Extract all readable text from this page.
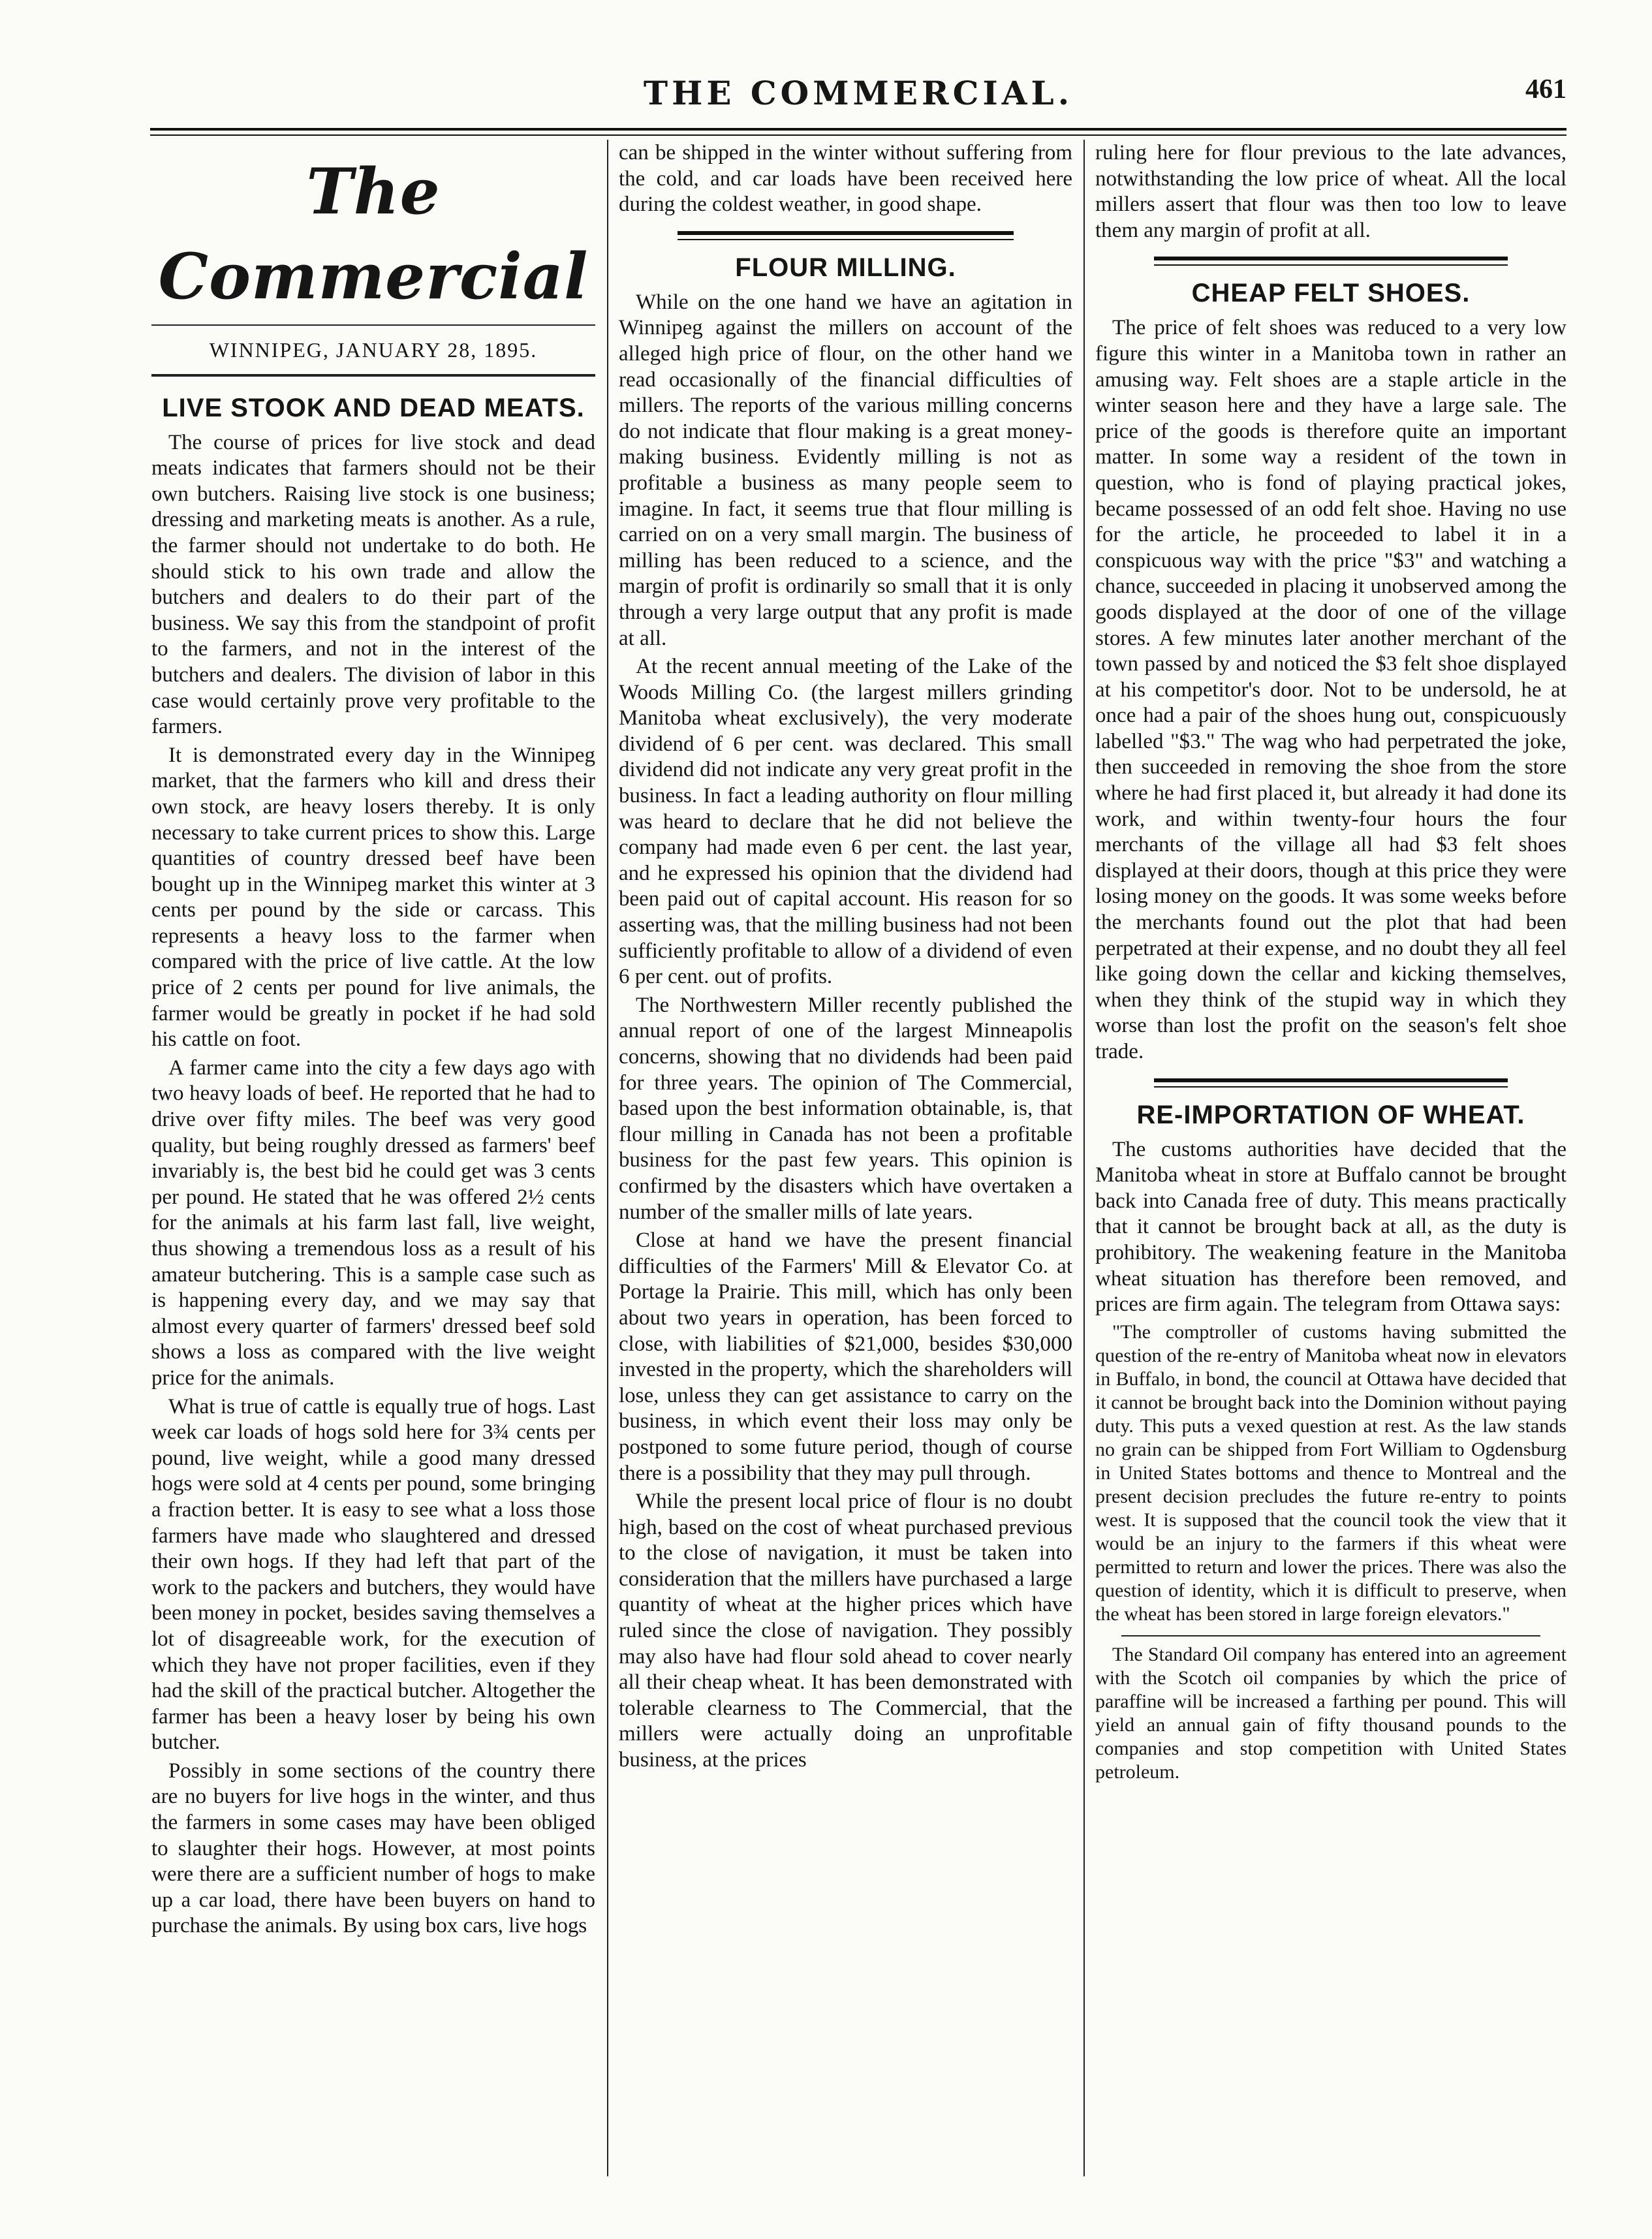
THE COMMERCIAL.	461
The Commercial
WINNIPEG, JANUARY 28, 1895.
LIVE STOOK AND DEAD MEATS.

The course of prices for live stock and dead meats indicates that farmers should not be their own butchers. Raising live stock is one business; dressing and marketing meats is another. As a rule, the farmer should not undertake to do both. He should stick to his own trade and allow the butchers and dealers to do their part of the business. We say this from the standpoint of profit to the farmers, and not in the interest of the butchers and dealers. The division of labor in this case would certainly prove very profitable to the farmers.

It is demonstrated every day in the Winnipeg market, that the farmers who kill and dress their own stock, are heavy losers thereby. It is only necessary to take current prices to show this. Large quantities of country dressed beef have been bought up in the Winnipeg market this winter at 3 cents per pound by the side or carcass. This represents a heavy loss to the farmer when compared with the price of live cattle. At the low price of 2 cents per pound for live animals, the farmer would be greatly in pocket if he had sold his cattle on foot.

A farmer came into the city a few days ago with two heavy loads of beef. He reported that he had to drive over fifty miles. The beef was very good quality, but being roughly dressed as farmers' beef invariably is, the best bid he could get was 3 cents per pound. He stated that he was offered 2½ cents for the animals at his farm last fall, live weight, thus showing a tremendous loss as a result of his amateur butchering. This is a sample case such as is happening every day, and we may say that almost every quarter of farmers' dressed beef sold shows a loss as compared with the live weight price for the animals.

What is true of cattle is equally true of hogs. Last week car loads of hogs sold here for 3¾ cents per pound, live weight, while a good many dressed hogs were sold at 4 cents per pound, some bringing a fraction better. It is easy to see what a loss those farmers have made who slaughtered and dressed their own hogs. If they had left that part of the work to the packers and butchers, they would have been money in pocket, besides saving themselves a lot of disagreeable work, for the execution of which they have not proper facilities, even if they had the skill of the practical butcher. Altogether the farmer has been a heavy loser by being his own butcher.

Possibly in some sections of the country there are no buyers for live hogs in the winter, and thus the farmers in some cases may have been obliged to slaughter their hogs. However, at most points were there are a sufficient number of hogs to make up a car load, there have been buyers on hand to purchase the animals. By using box cars, live hogs

can be shipped in the winter without suffering from the cold, and car loads have been received here during the coldest weather, in good shape.

FLOUR MILLING.

While on the one hand we have an agitation in Winnipeg against the millers on account of the alleged high price of flour, on the other hand we read occasionally of the financial difficulties of millers. The reports of the various milling concerns do not indicate that flour making is a great money-making business. Evidently milling is not as profitable a business as many people seem to imagine. In fact, it seems true that flour milling is carried on on a very small margin. The business of milling has been reduced to a science, and the margin of profit is ordinarily so small that it is only through a very large output that any profit is made at all.

At the recent annual meeting of the Lake of the Woods Milling Co. (the largest millers grinding Manitoba wheat exclusively), the very moderate dividend of 6 per cent. was declared. This small dividend did not indicate any very great profit in the business. In fact a leading authority on flour milling was heard to declare that he did not believe the company had made even 6 per cent. the last year, and he expressed his opinion that the dividend had been paid out of capital account. His reason for so asserting was, that the milling business had not been sufficiently profitable to allow of a dividend of even 6 per cent. out of profits.

The Northwestern Miller recently published the annual report of one of the largest Minneapolis concerns, showing that no dividends had been paid for three years. The opinion of The Commercial, based upon the best information obtainable, is, that flour milling in Canada has not been a profitable business for the past few years. This opinion is confirmed by the disasters which have overtaken a number of the smaller mills of late years.

Close at hand we have the present financial difficulties of the Farmers' Mill & Elevator Co. at Portage la Prairie. This mill, which has only been about two years in operation, has been forced to close, with liabilities of $21,000, besides $30,000 invested in the property, which the shareholders will lose, unless they can get assistance to carry on the business, in which event their loss may only be postponed to some future period, though of course there is a possibility that they may pull through.

While the present local price of flour is no doubt high, based on the cost of wheat purchased previous to the close of navigation, it must be taken into consideration that the millers have purchased a large quantity of wheat at the higher prices which have ruled since the close of navigation. They possibly may also have had flour sold ahead to cover nearly all their cheap wheat. It has been demonstrated with tolerable clearness to The Commercial, that the millers were actually doing an unprofitable business, at the prices

ruling here for flour previous to the late advances, notwithstanding the low price of wheat. All the local millers assert that flour was then too low to leave them any margin of profit at all.

CHEAP FELT SHOES.

The price of felt shoes was reduced to a very low figure this winter in a Manitoba town in rather an amusing way. Felt shoes are a staple article in the winter season here and they have a large sale. The price of the goods is therefore quite an important matter. In some way a resident of the town in question, who is fond of playing practical jokes, became possessed of an odd felt shoe. Having no use for the article, he proceeded to label it in a conspicuous way with the price "$3" and watching a chance, succeeded in placing it unobserved among the goods displayed at the door of one of the village stores. A few minutes later another merchant of the town passed by and noticed the $3 felt shoe displayed at his competitor's door. Not to be undersold, he at once had a pair of the shoes hung out, conspicuously labelled "$3." The wag who had perpetrated the joke, then succeeded in removing the shoe from the store where he had first placed it, but already it had done its work, and within twenty-four hours the four merchants of the village all had $3 felt shoes displayed at their doors, though at this price they were losing money on the goods. It was some weeks before the merchants found out the plot that had been perpetrated at their expense, and no doubt they all feel like going down the cellar and kicking themselves, when they think of the stupid way in which they worse than lost the profit on the season's felt shoe trade.

RE-IMPORTATION OF WHEAT.

The customs authorities have decided that the Manitoba wheat in store at Buffalo cannot be brought back into Canada free of duty. This means practically that it cannot be brought back at all, as the duty is prohibitory. The weakening feature in the Manitoba wheat situation has therefore been removed, and prices are firm again. The telegram from Ottawa says:

"The comptroller of customs having submitted the question of the re-entry of Manitoba wheat now in elevators in Buffalo, in bond, the council at Ottawa have decided that it cannot be brought back into the Dominion without paying duty. This puts a vexed question at rest. As the law stands no grain can be shipped from Fort William to Ogdensburg in United States bottoms and thence to Montreal and the present decision precludes the future re-entry to points west. It is supposed that the council took the view that it would be an injury to the farmers if this wheat were permitted to return and lower the prices. There was also the question of identity, which it is difficult to preserve, when the wheat has been stored in large foreign elevators."

The Standard Oil company has entered into an agreement with the Scotch oil companies by which the price of paraffine will be increased a farthing per pound. This will yield an annual gain of fifty thousand pounds to the companies and stop competition with United States petroleum.
